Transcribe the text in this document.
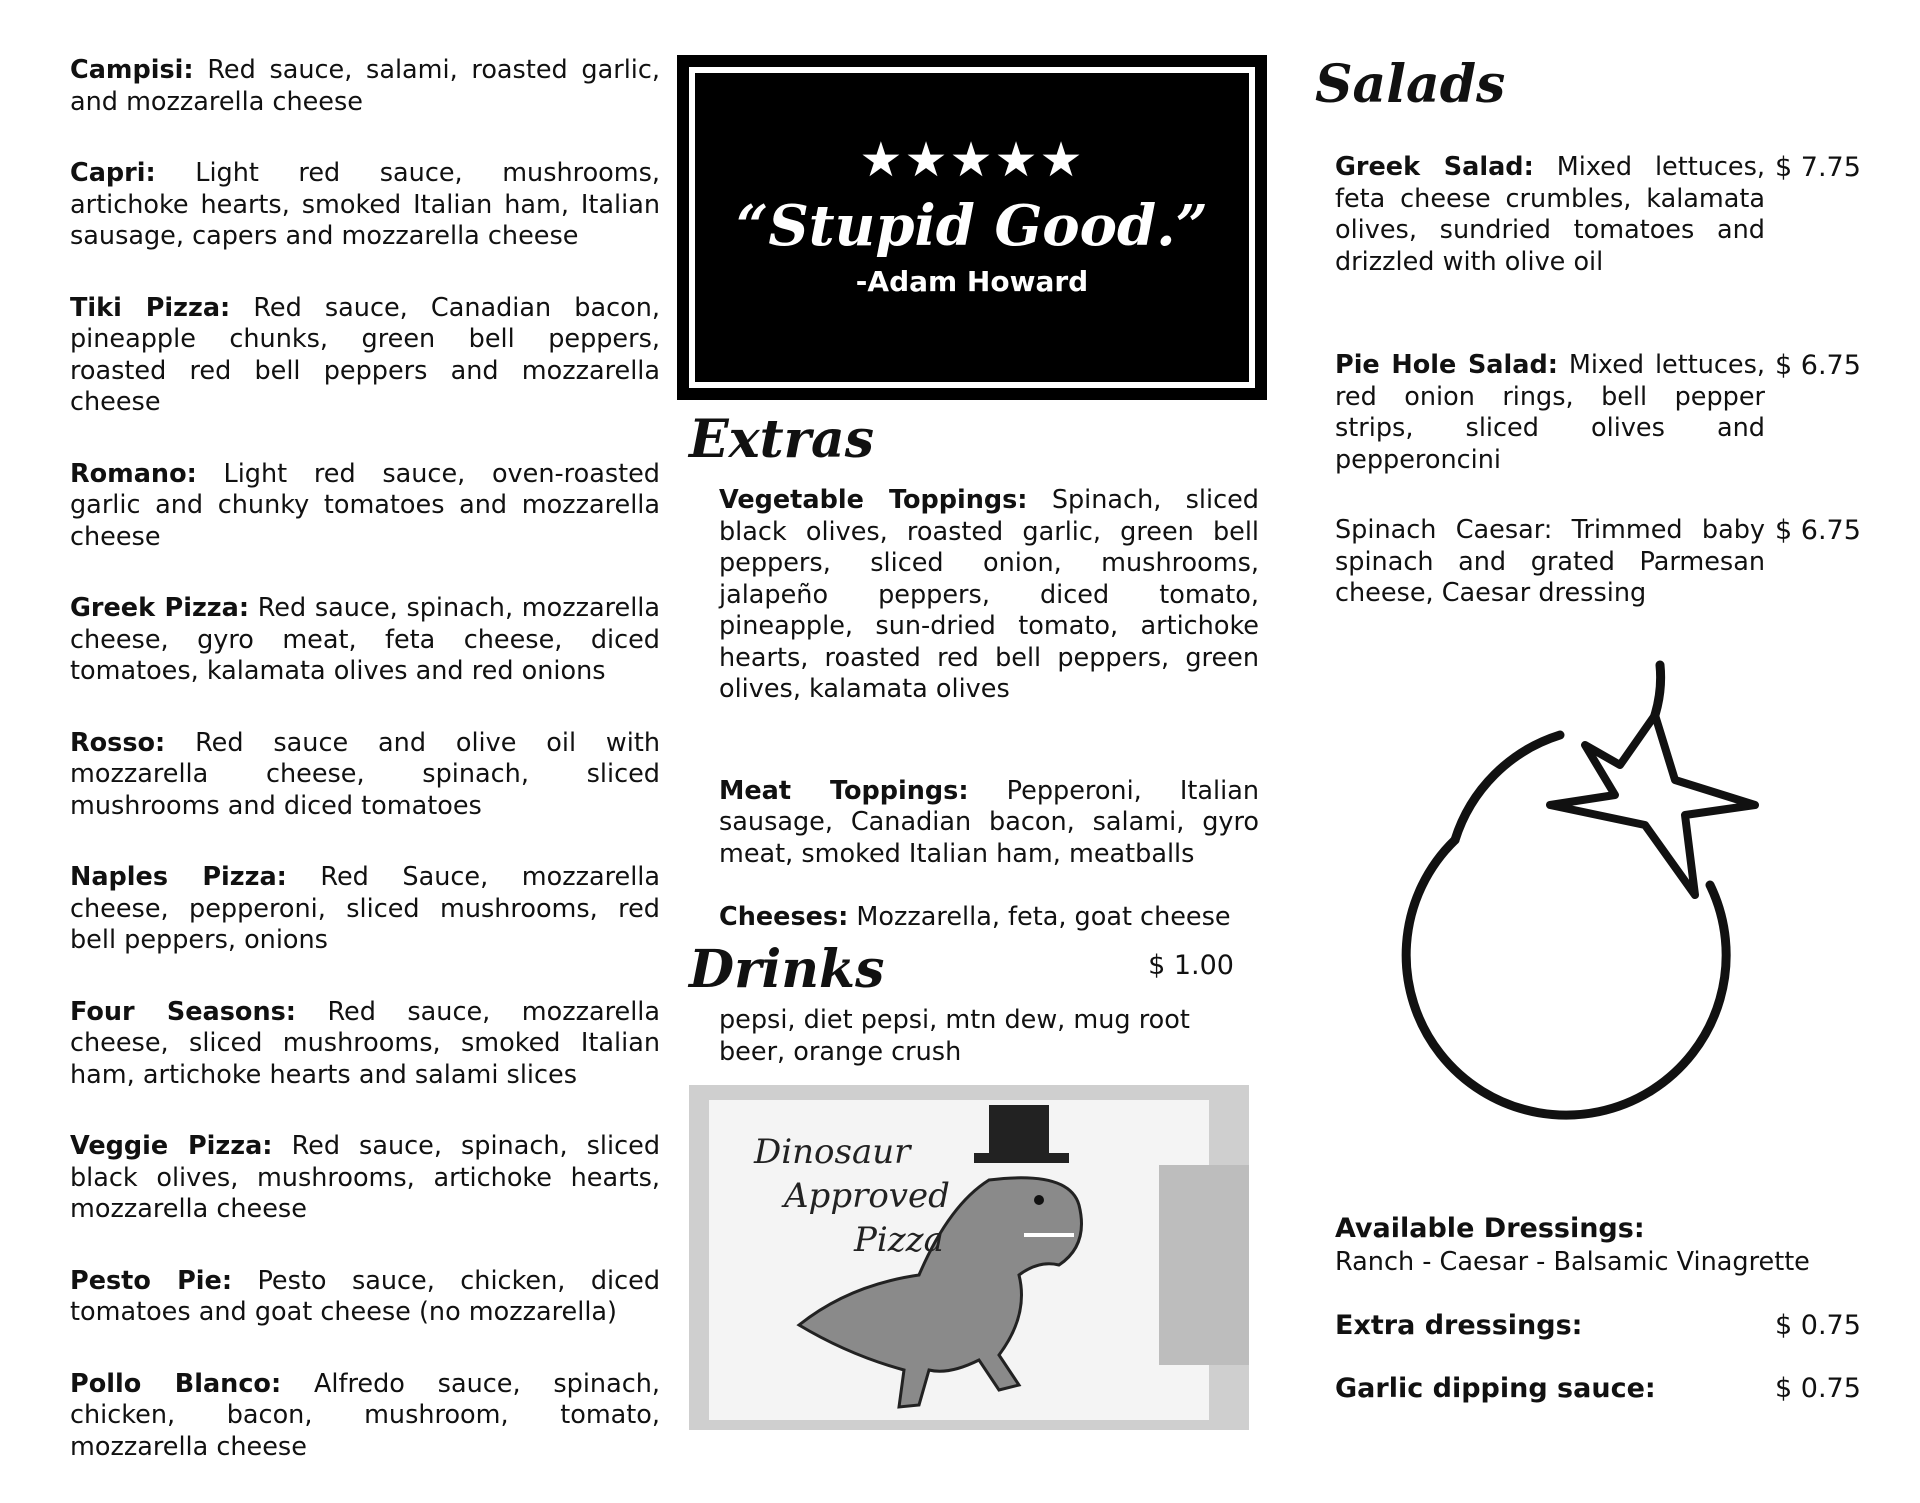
Campisi: Red sauce, salami, roasted garlic, and mozzarella cheese

Capri: Light red sauce, mushrooms, artichoke hearts, smoked Italian ham, Italian sausage, capers and mozzarella cheese

Tiki Pizza: Red sauce, Canadian bacon, pineapple chunks, green bell peppers, roasted red bell peppers and mozzarella cheese

Romano: Light red sauce, oven-roasted garlic and chunky tomatoes and mozzarella cheese

Greek Pizza: Red sauce, spinach, mozzarella cheese, gyro meat, feta cheese, diced tomatoes, kalamata olives and red onions

Rosso: Red sauce and olive oil with mozzarella cheese, spinach, sliced mushrooms and diced tomatoes

Naples Pizza: Red Sauce, mozzarella cheese, pepperoni, sliced mushrooms, red bell peppers, onions

Four Seasons: Red sauce, mozzarella cheese, sliced mushrooms, smoked Italian ham, artichoke hearts and salami slices

Veggie Pizza: Red sauce, spinach, sliced black olives, mushrooms, artichoke hearts, mozzarella cheese

Pesto Pie: Pesto sauce, chicken, diced tomatoes and goat cheese (no mozzarella)

Pollo Blanco: Alfredo sauce, spinach, chicken, bacon, mushroom, tomato, mozzarella cheese

★★★★★
“Stupid Good.”
-Adam Howard
Extras

Vegetable Toppings: Spinach, sliced black olives, roasted garlic, green bell peppers, sliced onion, mushrooms, jalapeño peppers, diced tomato, pineapple, sun-dried tomato, artichoke hearts, roasted red bell peppers, green olives, kalamata olives

Meat Toppings: Pepperoni, Italian sausage, Canadian bacon, salami, gyro meat, smoked Italian ham, meatballs

Cheeses: Mozzarella, feta, goat cheese

Drinks	$ 1.00
pepsi, diet pepsi, mtn dew, mug root beer, orange crush
Dinosaur
Approved
Pizza
Salads
Greek Salad: Mixed lettuces, feta cheese crumbles, kalamata olives, sundried tomatoes and drizzled with olive oil
$ 7.75
Pie Hole Salad: Mixed lettuces, red onion rings, bell pepper strips, sliced olives and pepperoncini
$ 6.75
Spinach Caesar: Trimmed baby spinach and grated Parmesan cheese, Caesar dressing
$ 6.75
Available Dressings:
Ranch - Caesar - Balsamic Vinagrette
Extra dressings:	$ 0.75
Garlic dipping sauce:	$ 0.75
